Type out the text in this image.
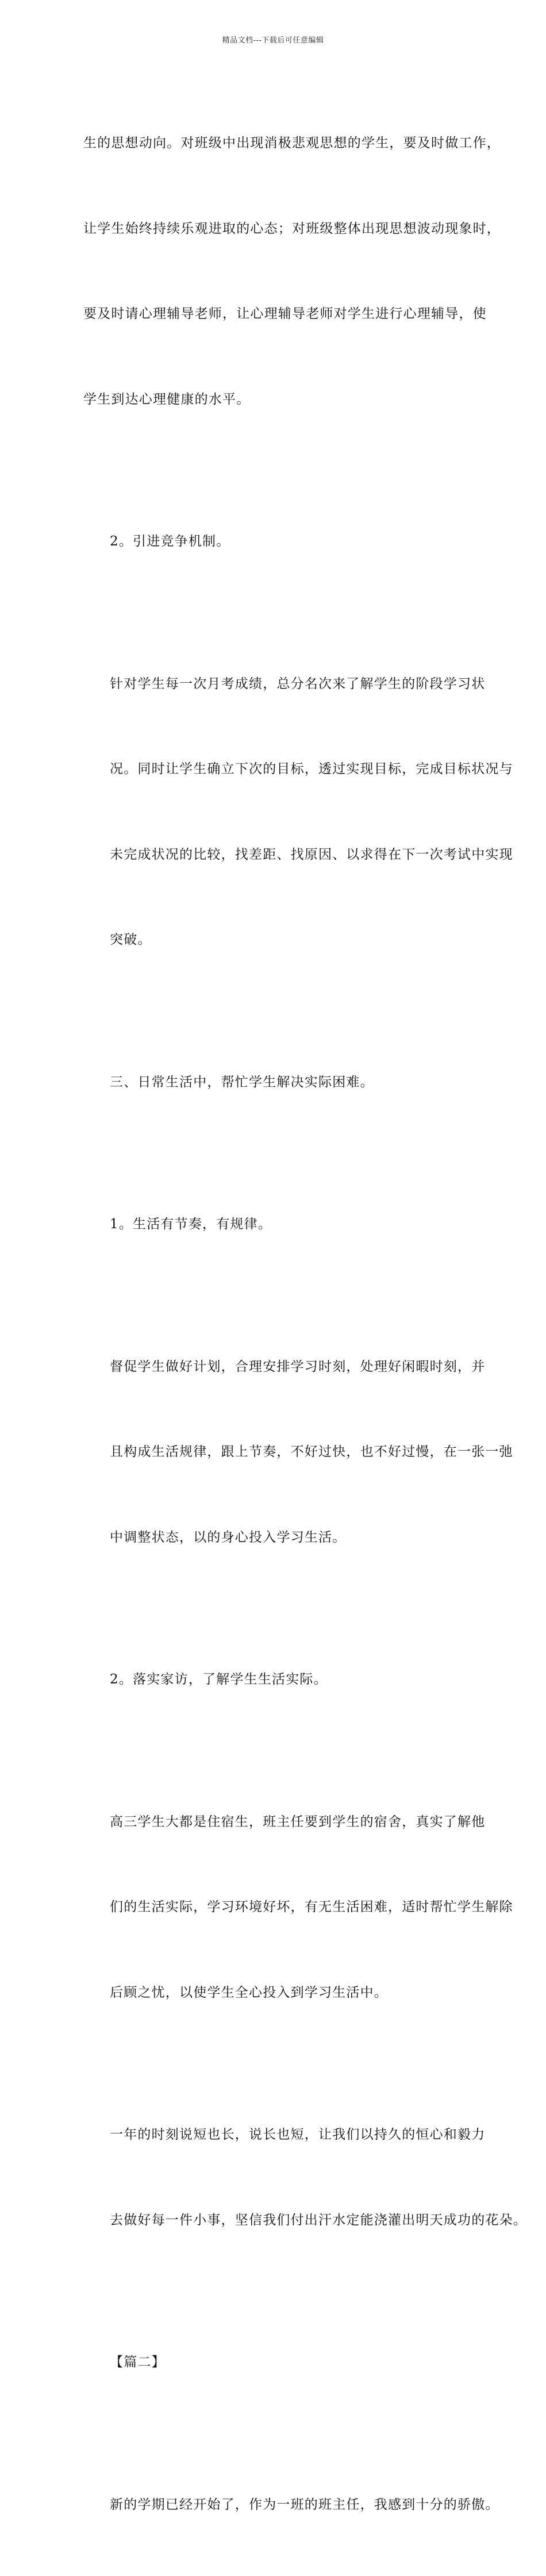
精品文档---下载后可任意编辑

生的思想动向。对班级中出现消极悲观思想的学生，要及时做工作，

让学生始终持续乐观进取的心态；对班级整体出现思想波动现象时，

要及时请心理辅导老师，让心理辅导老师对学生进行心理辅导，使

学生到达心理健康的水平。

2。引进竞争机制。

针对学生每一次月考成绩，总分名次来了解学生的阶段学习状

况。同时让学生确立下次的目标，透过实现目标，完成目标状况与

未完成状况的比较，找差距、找原因、以求得在下一次考试中实现

突破。

三、日常生活中，帮忙学生解决实际困难。

1。生活有节奏，有规律。

督促学生做好计划，合理安排学习时刻，处理好闲暇时刻，并

且构成生活规律，跟上节奏，不好过快，也不好过慢，在一张一弛

中调整状态，以的身心投入学习生活。

2。落实家访，了解学生生活实际。

高三学生大都是住宿生，班主任要到学生的宿舍，真实了解他

们的生活实际，学习环境好坏，有无生活困难，适时帮忙学生解除

后顾之忧，以使学生全心投入到学习生活中。

一年的时刻说短也长，说长也短，让我们以持久的恒心和毅力

去做好每一件小事，坚信我们付出汗水定能浇灌出明天成功的花朵。

【篇二】

新的学期已经开始了，作为一班的班主任，我感到十分的骄傲。
